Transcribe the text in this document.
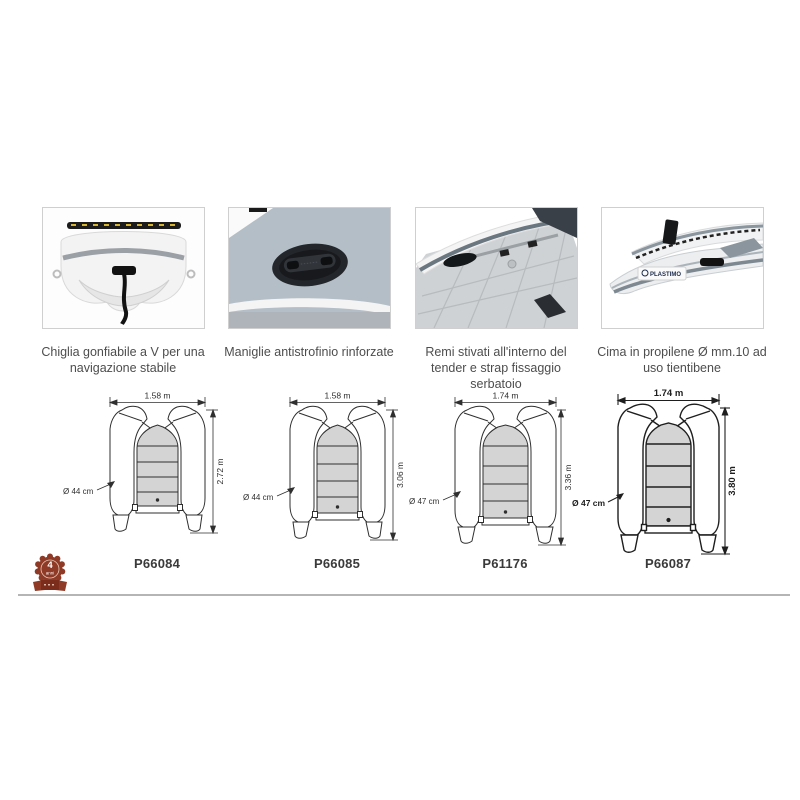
PLASTIMO
Chiglia gonfiabile a V per una navigazione stabile
Maniglie antistrofinio rinforzate	Remi stivati all'interno del tender e strap fissaggio serbatoio
Cima in propilene Ø mm.10 ad uso tientibene
1.58 m
2.72 m
Ø 44 cm
1.58 m
3.06 m
Ø 44 cm
1.74 m
3.36 m
Ø 47 cm
1.74 m
3.80 m
Ø 47 cm
P66084	P66085	P61176	P66087
4
anni
